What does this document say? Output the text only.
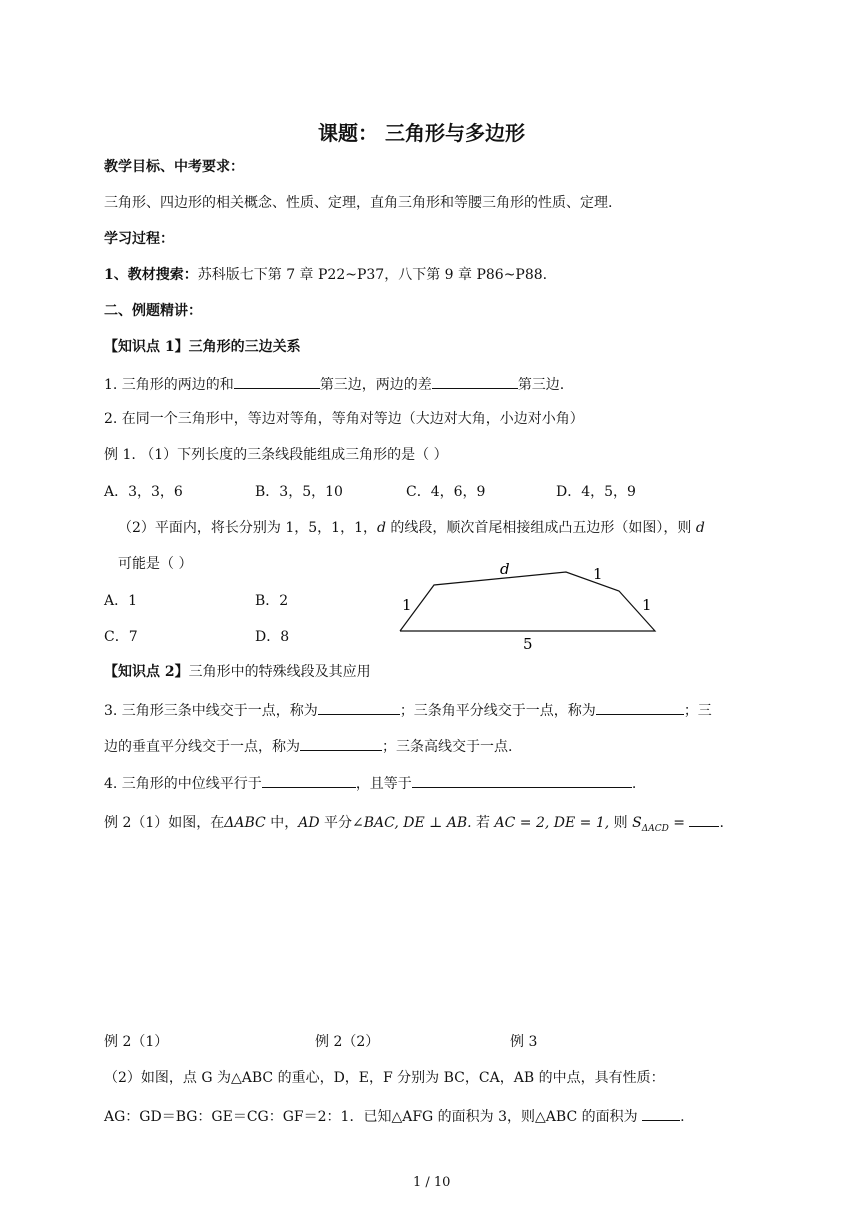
课题： 三角形与多边形
教学目标、中考要求：
三角形、四边形的相关概念、性质、定理，直角三角形和等腰三角形的性质、定理.
学习过程：
1、教材搜索：苏科版七下第 7 章 P22~P37，八下第 9 章 P86~P88.
二、例题精讲：
【知识点 1】三角形的三边关系
1. 三角形的两边的和	第三边，两边的差	第三边.
2. 在同一个三角形中，等边对等角，等角对等边（大边对大角，小边对小角）
例 1. （1）下列长度的三条线段能组成三角形的是（ ）
A．3，3，6	B．3，5，10	C．4，6，9	D．4，5，9
（2）平面内，将长分别为 1，5，1，1，d 的线段，顺次首尾相接组成凸五边形（如图），则 d
可能是（ ）
A．1	B．2
C．7	D．8
d	1
1	1
5
【知识点 2】三角形中的特殊线段及其应用
3. 三角形三条中线交于一点，称为	；三条角平分线交于一点，称为	；三
边的垂直平分线交于一点，称为	；三条高线交于一点.
4. 三角形的中位线平行于	，且等于	.
例 2（1）如图，在ΔABC 中，AD 平分∠BAC, DE ⊥ AB. 若 AC = 2, DE = 1, 则 $S_{\Delta ACD}$ = .
例 2（1）	例 2（2）	例 3
（2）如图，点 G 为△ABC 的重心，D，E，F 分别为 BC，CA，AB 的中点，具有性质：
AG：GD＝BG：GE＝CG：GF＝2：1．已知△AFG 的面积为 3，则△ABC 的面积为	.
1 / 10
